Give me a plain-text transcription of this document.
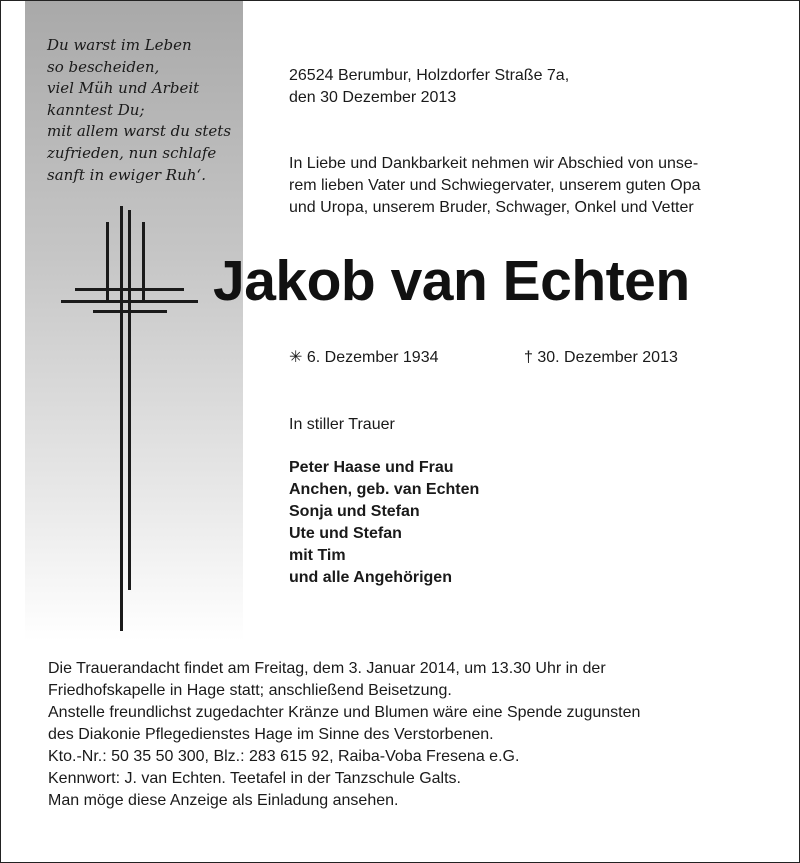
Du warst im Leben
so bescheiden,
viel Müh und Arbeit
kanntest Du;
mit allem warst du stets
zufrieden, nun schlafe
sanft in ewiger Ruh‘.
26524 Berumbur, Holzdorfer Straße 7a,
den 30 Dezember 2013
In Liebe und Dankbarkeit nehmen wir Abschied von unse-
rem lieben Vater und Schwiegervater, unserem guten Opa
und Uropa, unserem Bruder, Schwager, Onkel und Vetter
Jakob van Echten
✳ 6. Dezember 1934	† 30. Dezember 2013
In stiller Trauer
Peter Haase und Frau
Anchen, geb. van Echten
Sonja und Stefan
Ute und Stefan
mit Tim
und alle Angehörigen
Die Trauerandacht findet am Freitag, dem 3. Januar 2014, um 13.30 Uhr in der
Friedhofskapelle in Hage statt; anschließend Beisetzung.
Anstelle freundlichst zugedachter Kränze und Blumen wäre eine Spende zugunsten
des Diakonie Pflegedienstes Hage im Sinne des Verstorbenen.
Kto.-Nr.: 50 35 50 300, Blz.: 283 615 92, Raiba-Voba Fresena e.G.
Kennwort: J. van Echten. Teetafel in der Tanzschule Galts.
Man möge diese Anzeige als Einladung ansehen.
